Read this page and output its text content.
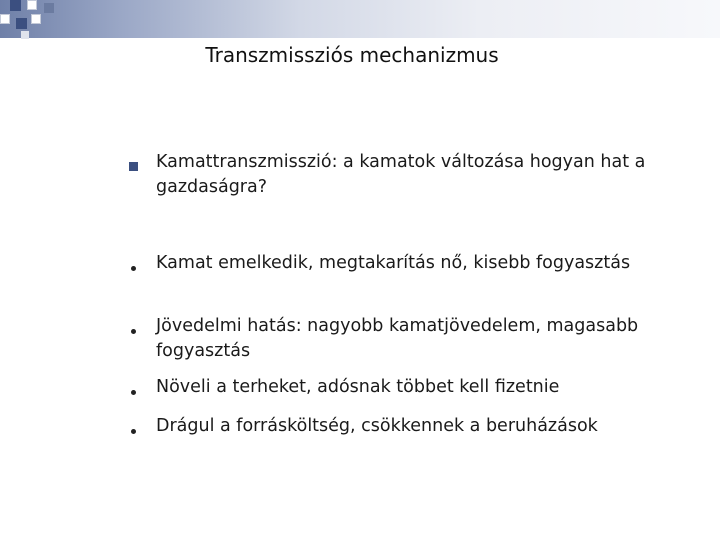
Transzmissziós mechanizmus
Kamattranszmisszió: a kamatok változása hogyan hat a gazdaságra?
Kamat emelkedik, megtakarítás nő, kisebb fogyasztás
Jövedelmi hatás: nagyobb kamatjövedelem, magasabb fogyasztás
Növeli a terheket, adósnak többet kell fizetnie
Drágul a forrásköltség, csökkennek a beruházások
